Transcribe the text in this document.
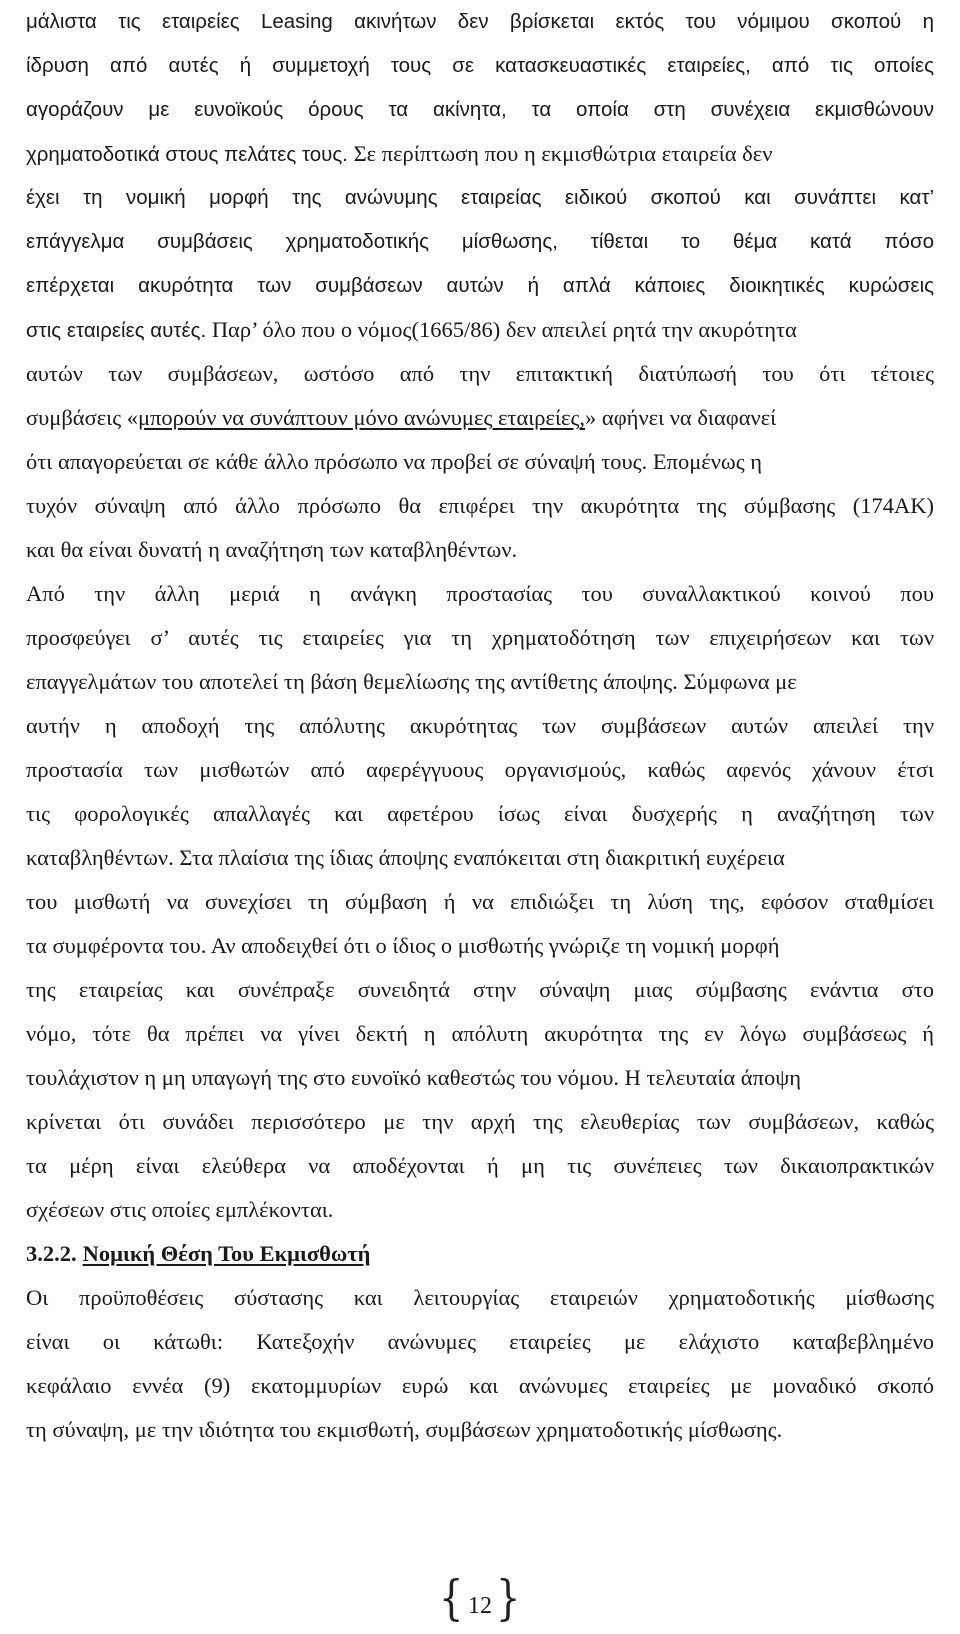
μάλιστα τις εταιρείες Leasing ακινήτων δεν βρίσκεται εκτός του νόμιμου σκοπού η
ίδρυση από αυτές ή συμμετοχή τους σε κατασκευαστικές εταιρείες, από τις οποίες
αγοράζουν με ευνοϊκούς όρους τα ακίνητα, τα οποία στη συνέχεια εκμισθώνουν
χρηματοδοτικά στους πελάτες τους. Σε περίπτωση που η εκμισθώτρια εταιρεία δεν
έχει τη νομική μορφή της ανώνυμης εταιρείας ειδικού σκοπού και συνάπτει κατ’
επάγγελμα συμβάσεις χρηματοδοτικής μίσθωσης, τίθεται το θέμα κατά πόσο
επέρχεται ακυρότητα των συμβάσεων αυτών ή απλά κάποιες διοικητικές κυρώσεις
στις εταιρείες αυτές. Παρ’ όλο που ο νόμος(1665/86) δεν απειλεί ρητά την ακυρότητα
αυτών των συμβάσεων, ωστόσο από την επιτακτική διατύπωσή του ότι τέτοιες
συμβάσεις «μπορούν να συνάπτουν μόνο ανώνυμες εταιρείες,» αφήνει να διαφανεί
ότι απαγορεύεται σε κάθε άλλο πρόσωπο να προβεί σε σύναψή τους. Επομένως η
τυχόν σύναψη από άλλο πρόσωπο θα επιφέρει την ακυρότητα της σύμβασης (174ΑΚ)
και θα είναι δυνατή η αναζήτηση των καταβληθέντων.
Από την άλλη μεριά η ανάγκη προστασίας του συναλλακτικού κοινού που
προσφεύγει σ’ αυτές τις εταιρείες για τη χρηματοδότηση των επιχειρήσεων και των
επαγγελμάτων του αποτελεί τη βάση θεμελίωσης της αντίθετης άποψης. Σύμφωνα με
αυτήν η αποδοχή της απόλυτης ακυρότητας των συμβάσεων αυτών απειλεί την
προστασία των μισθωτών από αφερέγγυους οργανισμούς, καθώς αφενός χάνουν έτσι
τις φορολογικές απαλλαγές και αφετέρου ίσως είναι δυσχερής η αναζήτηση των
καταβληθέντων. Στα πλαίσια της ίδιας άποψης εναπόκειται στη διακριτική ευχέρεια
του μισθωτή να συνεχίσει τη σύμβαση ή να επιδιώξει τη λύση της, εφόσον σταθμίσει
τα συμφέροντα του. Αν αποδειχθεί ότι ο ίδιος ο μισθωτής γνώριζε τη νομική μορφή
της εταιρείας και συνέπραξε συνειδητά στην σύναψη μιας σύμβασης ενάντια στο
νόμο, τότε θα πρέπει να γίνει δεκτή η απόλυτη ακυρότητα της εν λόγω συμβάσεως ή
τουλάχιστον η μη υπαγωγή της στο ευνοϊκό καθεστώς του νόμου. Η τελευταία άποψη
κρίνεται ότι συνάδει περισσότερο με την αρχή της ελευθερίας των συμβάσεων, καθώς
τα μέρη είναι ελεύθερα να αποδέχονται ή μη τις συνέπειες των δικαιοπρακτικών
σχέσεων στις οποίες εμπλέκονται.
3.2.2. Νομική Θέση Του Εκμισθωτή
Οι προϋποθέσεις σύστασης και λειτουργίας εταιρειών χρηματοδοτικής μίσθωσης
είναι οι κάτωθι: Κατεξοχήν ανώνυμες εταιρείες με ελάχιστο καταβεβλημένο
κεφάλαιο εννέα (9) εκατομμυρίων ευρώ και ανώνυμες εταιρείες με μοναδικό σκοπό
τη σύναψη, με την ιδιότητα του εκμισθωτή, συμβάσεων χρηματοδοτικής μίσθωσης.
{ 12 }
